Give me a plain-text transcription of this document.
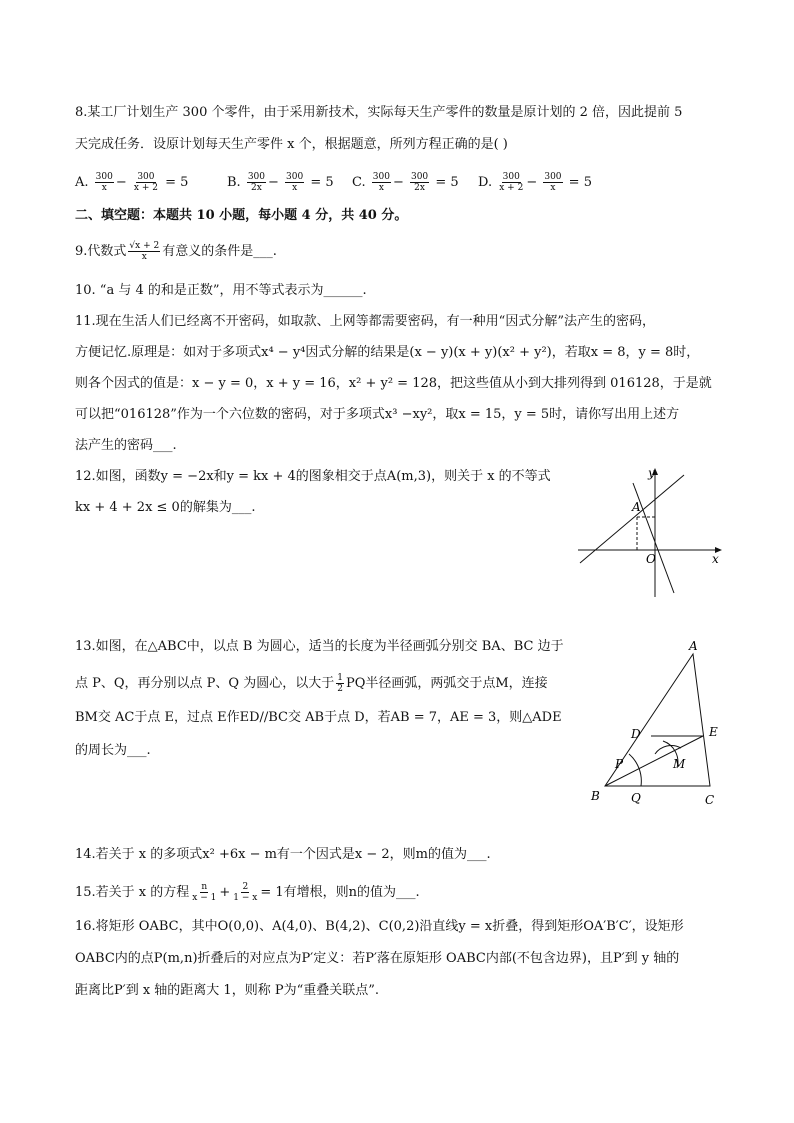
8.某工厂计划生产 300 个零件，由于采用新技术，实际每天生产零件的数量是原计划的 2 倍，因此提前 5
天完成任务．设原计划每天生产零件 x 个，根据题意，所列方程正确的是( )
A. $\frac{300}{x} - \frac{300}{x + 2} = 5$	B. $\frac{300}{2x} - \frac{300}{x} = 5$ C. $\frac{300}{x} - \frac{300}{2x} = 5$ D. $\frac{300}{x + 2} - \frac{300}{x} = 5$
二、填空题：本题共 10 小题，每小题 4 分，共 40 分。
9.代数式 $\frac{√x + 2}{x}$ 有意义的条件是___.
10. “a 与 4 的和是正数”，用不等式表示为______.
11.现在生活人们已经离不开密码，如取款、上网等都需要密码，有一种用“因式分解”法产生的密码，
方便记忆.原理是：如对于多项式x⁴ − y⁴因式分解的结果是(x − y)(x + y)(x² + y²)，若取x = 8，y = 8时，
则各个因式的值是：x − y = 0，x + y = 16，x² + y² = 128，把这些值从小到大排列得到 016128，于是就
可以把“016128”作为一个六位数的密码，对于多项式x³ −xy²，取x = 15，y = 5时，请你写出用上述方
法产生的密码___.
12.如图，函数y = −2x和y = kx + 4的图象相交于点A(m,3)，则关于 x 的不等式
kx + 4 + 2x ≤ 0的解集为___.
y
x
A
O
13.如图，在△ABC中，以点 B 为圆心，适当的长度为半径画弧分别交 BA、BC 边于
点 P、Q，再分别以点 P、Q 为圆心，以大于 $\frac{1}{2}$ PQ半径画弧，两弧交于点M，连接
BM交 AC于点 E，过点 E作ED//BC交 AB于点 D，若AB = 7，AE = 3，则△ADE
的周长为___.
A
B	C
D	E
P
Q
M
14.若关于 x 的多项式x² +6x − m有一个因式是x − 2，则m的值为___.
15.若关于 x 的方程 $\frac{n}{x - 1} + \frac{2}{1 - x} = 1$有增根，则n的值为___.
16.将矩形 OABC，其中O(0,0)、A(4,0)、B(4,2)、C(0,2)沿直线y = x折叠，得到矩形OA′B′C′，设矩形
OABC内的点P(m,n)折叠后的对应点为P′定义：若P′落在原矩形 OABC内部(不包含边界)，且P′到 y 轴的
距离比P′到 x 轴的距离大 1，则称 P为“重叠关联点”.
